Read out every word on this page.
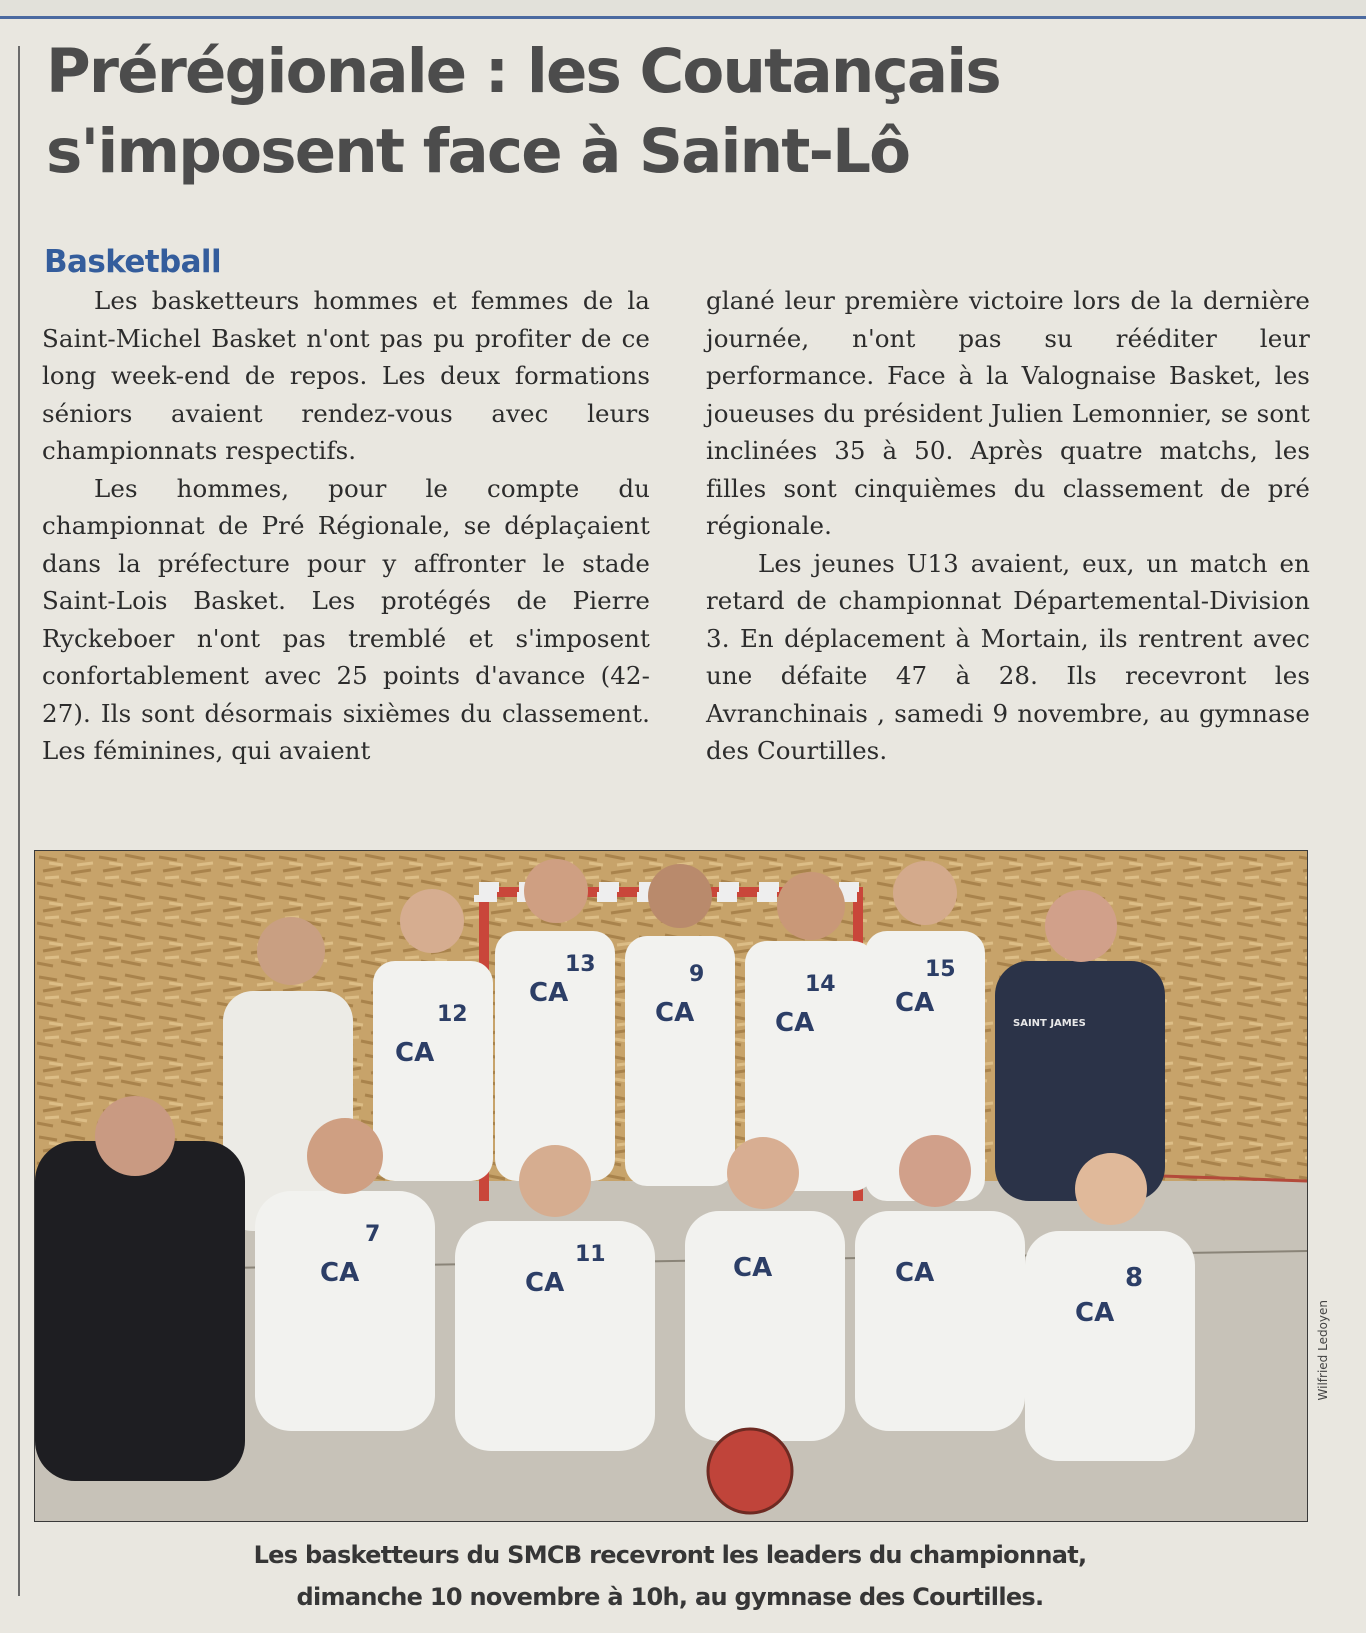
Prérégionale : les Coutançais
s'imposent face à Saint-Lô
Basketball

Les basketteurs hommes et femmes de la Saint-Michel Basket n'ont pas pu profiter de ce long week-end de repos. Les deux formations séniors avaient rendez-vous avec leurs championnats respectifs.

Les hommes, pour le compte du championnat de Pré Régionale, se déplaçaient dans la préfecture pour y affronter le stade Saint-Lois Basket. Les protégés de Pierre Ryckeboer n'ont pas tremblé et s'imposent confortablement avec 25 points d'avance (42-27). Ils sont désormais sixièmes du classement. Les féminines, qui avaient

glané leur première victoire lors de la dernière journée, n'ont pas su rééditer leur performance. Face à la Valognaise Basket, les joueuses du président Julien Lemonnier, se sont inclinées 35 à 50. Après quatre matchs, les filles sont cinquièmes du classement de pré régionale.

Les jeunes U13 avaient, eux, un match en retard de championnat Départemental-Division 3. En déplacement à Mortain, ils rentrent avec une défaite 47 à 28. Ils recevront les Avranchinais , samedi 9 novembre, au gymnase des Courtilles.

12
13	9	14
15
7
11
8
CA
CA
CA	CA
CA
CA	CA	CA	CA
CA
SAINT JAMES
Wilfried Ledoyen
Les basketteurs du SMCB recevront les leaders du championnat,
dimanche 10 novembre à 10h, au gymnase des Courtilles.
